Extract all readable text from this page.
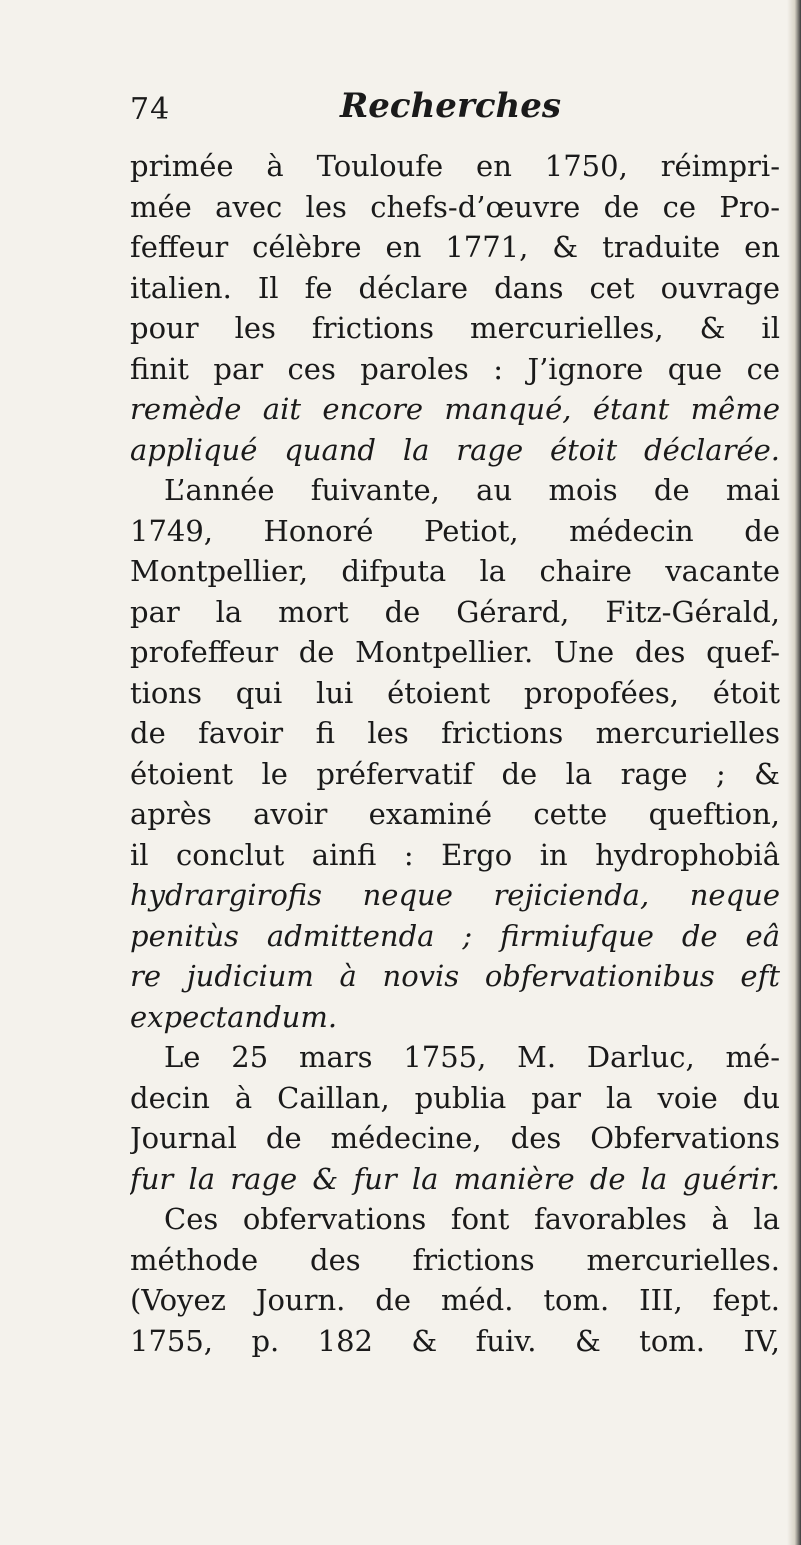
74	Recherches
primée à Touloufe en 1750, réimpri-
mée avec les chefs-d’œuvre de ce Pro-
feffeur célèbre en 1771, & traduite en
italien. Il fe déclare dans cet ouvrage
pour les frictions mercurielles, & il
finit par ces paroles : J’ignore que ce
remède ait encore manqué, étant même
appliqué quand la rage étoit déclarée.
L’année fuivante, au mois de mai
1749, Honoré Petiot, médecin de
Montpellier, difputa la chaire vacante
par la mort de Gérard, Fitz-Gérald,
profeffeur de Montpellier. Une des quef-
tions qui lui étoient propofées, étoit
de favoir fi les frictions mercurielles
étoient le préfervatif de la rage ; &
après avoir examiné cette queftion,
il conclut ainfi : Ergo in hydrophobiâ
hydrargirofis neque rejicienda, neque
penitùs admittenda ; firmiufque de eâ
re judicium à novis obfervationibus eft
expectandum.
Le 25 mars 1755, M. Darluc, mé-
decin à Caillan, publia par la voie du
Journal de médecine, des Obfervations
fur la rage & fur la manière de la guérir.
Ces obfervations font favorables à la
méthode des frictions mercurielles.
(Voyez Journ. de méd. tom. III, fept.
1755, p. 182 & fuiv. & tom. IV,
